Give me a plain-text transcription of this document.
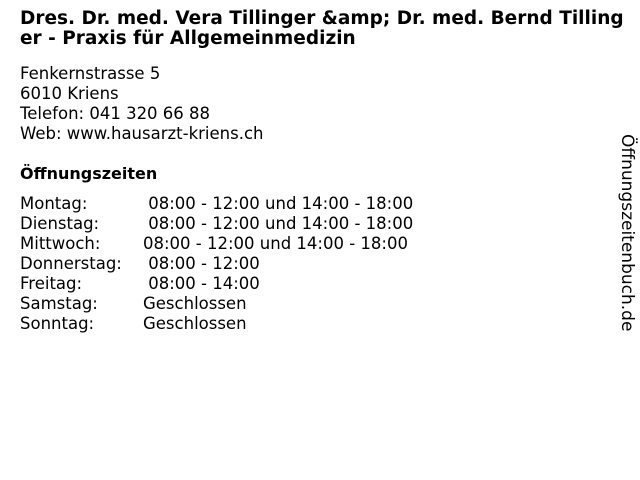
Dres. Dr. med. Vera Tillinger &amp; Dr. med. Bernd Tillinger - Praxis für Allgemeinmedizin
Fenkernstrasse 5
6010 Kriens
Telefon: 041 320 66 88
Web: www.hausarzt-kriens.ch
Öffnungszeiten
Montag:	08:00 - 12:00 und 14:00 - 18:00
Dienstag:	08:00 - 12:00 und 14:00 - 18:00
Mittwoch:	08:00 - 12:00 und 14:00 - 18:00
Donnerstag:	08:00 - 12:00
Freitag:	08:00 - 14:00
Samstag:	Geschlossen
Sonntag:	Geschlossen	Öffnungszeitenbuch.de
